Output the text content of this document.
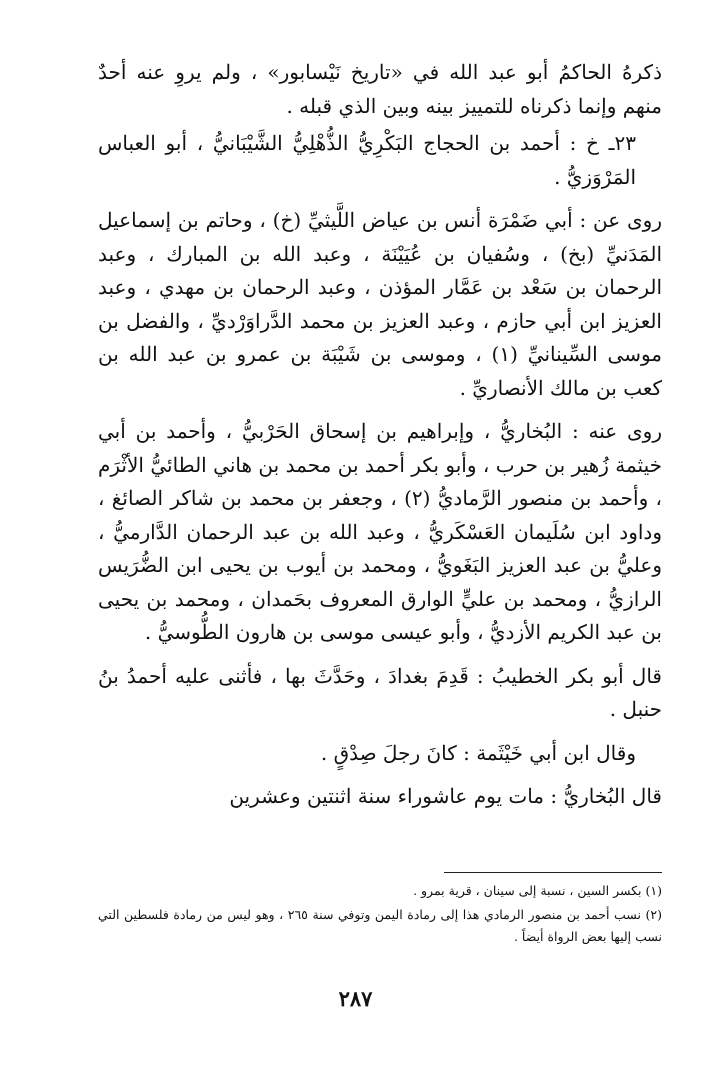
ذكرهُ الحاكمُ أبو عبد الله في «تاريخ نَيْسابور» ، ولم يروِ عنه أحدٌ منهم وإنما ذكرناه للتمييز بينه وبين الذي قبله .

٢٣ـ خ : أحمد بن الحجاج البَكْرِيُّ الذُّهْلِيُّ الشَّيْبَانيُّ ، أبو العباس المَرْوَزيُّ .

روى عن : أبي ضَمْرَة أنس بن عياض اللَّيثيِّ (خ) ، وحاتم بن إسماعيل المَدَنيِّ (بخ) ، وسُفيان بن عُيَيْنَة ، وعبد الله بن المبارك ، وعبد الرحمان بن سَعْد بن عَمَّار المؤذن ، وعبد الرحمان بن مهدي ، وعبد العزيز ابن أبي حازم ، وعبد العزيز بن محمد الدَّراوَرْديِّ ، والفضل بن موسى السِّينانيِّ (١) ، وموسى بن شَيْبَة بن عمرو بن عبد الله بن كعب بن مالك الأنصاريِّ .

روى عنه : البُخاريُّ ، وإبراهيم بن إسحاق الحَرْبيُّ ، وأحمد بن أبي خيثمة زُهير بن حرب ، وأبو بكر أحمد بن محمد بن هاني الطائيُّ الأثْرَم ، وأحمد بن منصور الرَّماديُّ (٢) ، وجعفر بن محمد بن شاكر الصائغ ، وداود ابن سُلَيمان العَسْكَريُّ ، وعبد الله بن عبد الرحمان الدَّارميُّ ، وعليُّ بن عبد العزيز البَغَويُّ ، ومحمد بن أيوب بن يحيى ابن الضُّرَيس الرازيُّ ، ومحمد بن عليٍّ الوارق المعروف بحَمدان ، ومحمد بن يحيى بن عبد الكريم الأزديُّ ، وأبو عيسى موسى بن هارون الطُّوسيُّ .

قال أبو بكر الخطيبُ : قَدِمَ بغدادَ ، وحَدَّثَ بها ، فأثنى عليه أحمدُ بنُ حنبل .

وقال ابن أبي خَيْثَمة : كانَ رجلَ صِدْقٍ .

قال البُخاريُّ : مات يوم عاشوراء سنة اثنتين وعشرين

(١) بكسر السين ، نسبة إلى سينان ، قرية بمرو .

(٢) نسب أحمد بن منصور الرمادي هذا إلى رمادة اليمن وتوفي سنة ٢٦٥ ، وهو ليس من رمادة فلسطين التي نسب إليها بعض الرواة أيضاً .

٢٨٧
